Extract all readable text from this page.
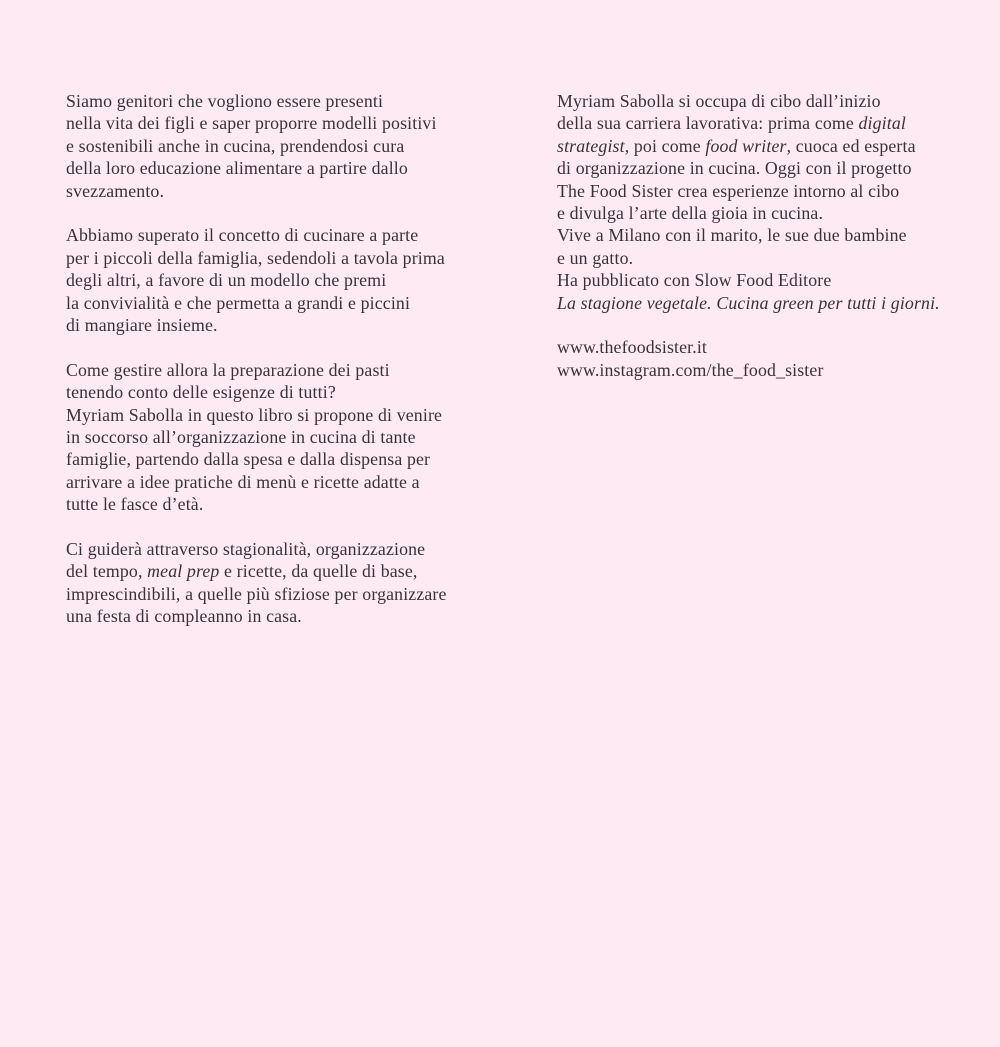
Siamo genitori che vogliono essere presenti
nella vita dei figli e saper proporre modelli positivi
e sostenibili anche in cucina, prendendosi cura
della loro educazione alimentare a partire dallo
svezzamento.

Abbiamo superato il concetto di cucinare a parte
per i piccoli della famiglia, sedendoli a tavola prima
degli altri, a favore di un modello che premi
la convivialità e che permetta a grandi e piccini
di mangiare insieme.

Come gestire allora la preparazione dei pasti
tenendo conto delle esigenze di tutti?
Myriam Sabolla in questo libro si propone di venire
in soccorso all’organizzazione in cucina di tante
famiglie, partendo dalla spesa e dalla dispensa per
arrivare a idee pratiche di menù e ricette adatte a
tutte le fasce d’età.

Ci guiderà attraverso stagionalità, organizzazione
del tempo, meal prep e ricette, da quelle di base,
imprescindibili, a quelle più sfiziose per organizzare
una festa di compleanno in casa.

Myriam Sabolla si occupa di cibo dall’inizio
della sua carriera lavorativa: prima come digital
strategist, poi come food writer, cuoca ed esperta
di organizzazione in cucina. Oggi con il progetto
The Food Sister crea esperienze intorno al cibo
e divulga l’arte della gioia in cucina.
Vive a Milano con il marito, le sue due bambine
e un gatto.
Ha pubblicato con Slow Food Editore
La stagione vegetale. Cucina green per tutti i giorni.

www.thefoodsister.it
www.instagram.com/the_food_sister
